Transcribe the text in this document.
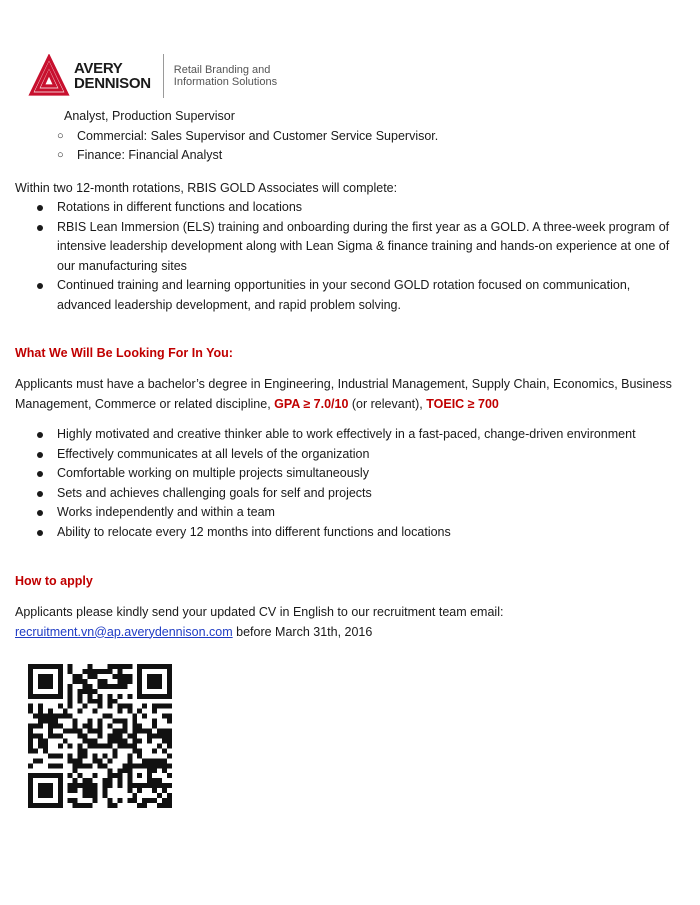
AVERY
DENNISON
Retail Branding and
Information Solutions
Analyst, Production Supervisor
○ Commercial: Sales Supervisor and Customer Service Supervisor.
○ Finance: Financial Analyst
Within two 12-month rotations, RBIS GOLD Associates will complete:
Rotations in different functions and locations
RBIS Lean Immersion (ELS) training and onboarding during the first year as a GOLD. A three-week program of
intensive leadership development along with Lean Sigma & finance training and hands-on experience at one of
our manufacturing sites
Continued training and learning opportunities in your second GOLD rotation focused on communication,
advanced leadership development, and rapid problem solving.
What We Will Be Looking For In You:
Applicants must have a bachelor’s degree in Engineering, Industrial Management, Supply Chain, Economics, Business
Management, Commerce or related discipline, GPA ≥ 7.0/10 (or relevant), TOEIC ≥ 700
Highly motivated and creative thinker able to work effectively in a fast-paced, change-driven environment
Effectively communicates at all levels of the organization
Comfortable working on multiple projects simultaneously
Sets and achieves challenging goals for self and projects
Works independently and within a team
Ability to relocate every 12 months into different functions and locations
How to apply
Applicants please kindly send your updated CV in English to our recruitment team email:
recruitment.vn@ap.averydennison.com before March 31th, 2016
